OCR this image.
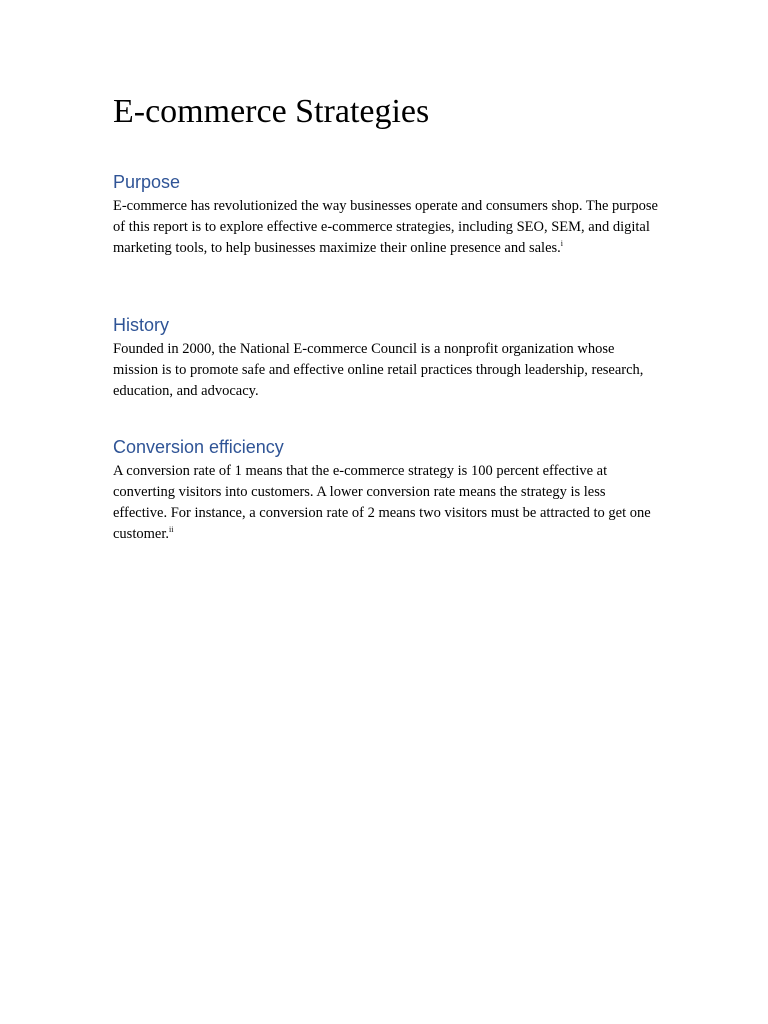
E-commerce Strategies
Purpose

E-commerce has revolutionized the way businesses operate and consumers shop. The purpose of this report is to explore effective e-commerce strategies, including SEO, SEM, and digital marketing tools, to help businesses maximize their online presence and sales.$^i$

History

Founded in 2000, the National E-commerce Council is a nonprofit organization whose mission is to promote safe and effective online retail practices through leadership, research, education, and advocacy.

Conversion efficiency

A conversion rate of 1 means that the e-commerce strategy is 100 percent effective at converting visitors into customers. A lower conversion rate means the strategy is less effective. For instance, a conversion rate of 2 means two visitors must be attracted to get one customer.$^{ii}$
